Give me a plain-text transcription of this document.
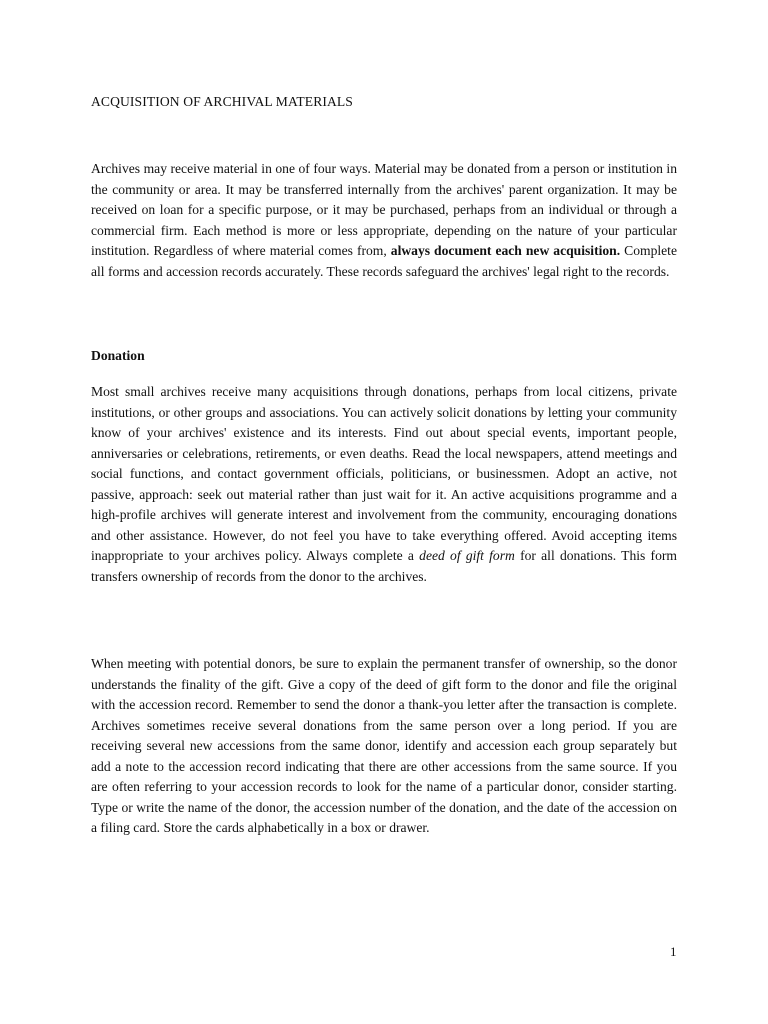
ACQUISITION OF ARCHIVAL MATERIALS

Archives may receive material in one of four ways. Material may be donated from a person or institution in the community or area. It may be transferred internally from the archives' parent organization. It may be received on loan for a specific purpose, or it may be purchased, perhaps from an individual or through a commercial firm. Each method is more or less appropriate, depending on the nature of your particular institution. Regardless of where material comes from, always document each new acquisition. Complete all forms and accession records accurately. These records safeguard the archives' legal right to the records.

Donation

Most small archives receive many acquisitions through donations, perhaps from local citizens, private institutions, or other groups and associations. You can actively solicit donations by letting your community know of your archives' existence and its interests. Find out about special events, important people, anniversaries or celebrations, retirements, or even deaths. Read the local newspapers, attend meetings and social functions, and contact government officials, politicians, or businessmen. Adopt an active, not passive, approach: seek out material rather than just wait for it. An active acquisitions programme and a high-profile archives will generate interest and involvement from the community, encouraging donations and other assistance. However, do not feel you have to take everything offered. Avoid accepting items inappropriate to your archives policy. Always complete a deed of gift form for all donations. This form transfers ownership of records from the donor to the archives.

When meeting with potential donors, be sure to explain the permanent transfer of ownership, so the donor understands the finality of the gift. Give a copy of the deed of gift form to the donor and file the original with the accession record. Remember to send the donor a thank-you letter after the transaction is complete. Archives sometimes receive several donations from the same person over a long period. If you are receiving several new accessions from the same donor, identify and accession each group separately but add a note to the accession record indicating that there are other accessions from the same source. If you are often referring to your accession records to look for the name of a particular donor, consider starting. Type or write the name of the donor, the accession number of the donation, and the date of the accession on a filing card. Store the cards alphabetically in a box or drawer.

1
